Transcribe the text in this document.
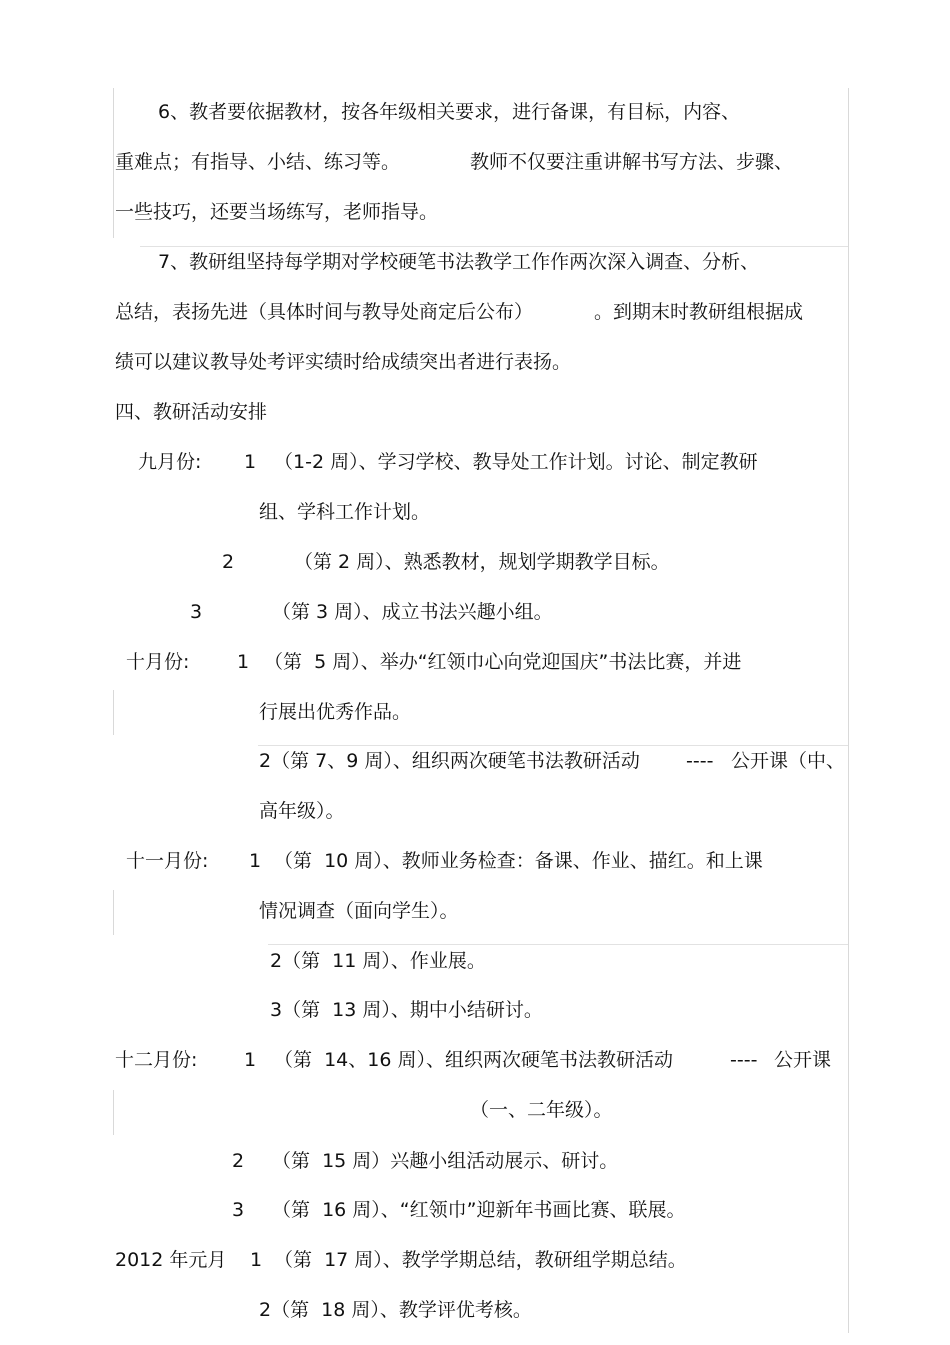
6、教者要依据教材，按各年级相关要求，进行备课，有目标，内容、
重难点；有指导、小结、练习等。	教师不仅要注重讲解书写方法、步骤、
一些技巧，还要当场练写，老师指导。
7、教研组坚持每学期对学校硬笔书法教学工作作两次深入调查、分析、
总结，表扬先进（具体时间与教导处商定后公布）	。到期末时教研组根据成
绩可以建议教导处考评实绩时给成绩突出者进行表扬。
四、教研活动安排
九月份: 1 （1-2 周）、学习学校、教导处工作计划。讨论、制定教研
组、学科工作计划。
2	（第 2 周）、熟悉教材，规划学期教学目标。
3	（第 3 周）、成立书法兴趣小组。
十月份:	1 （第  5 周）、举办“红领巾心向党迎国庆”书法比赛，并进
行展出优秀作品。
2（第 7、9 周）、组织两次硬笔书法教研活动 ---- 公开课（中、
高年级）。
十一月份: 1 （第  10 周）、教师业务检查：备课、作业、描红。和上课
情况调查（面向学生）。
2（第  11 周）、作业展。
3（第  13 周）、期中小结研讨。
十二月份: 1 （第  14、16 周）、组织两次硬笔书法教研活动	---- 公开课
（一、二年级）。
2 （第  15 周）兴趣小组活动展示、研讨。
3 （第  16 周）、“红领巾”迎新年书画比赛、联展。
2012 年元月 1 （第  17 周）、教学学期总结，教研组学期总结。
2（第  18 周）、教学评优考核。
